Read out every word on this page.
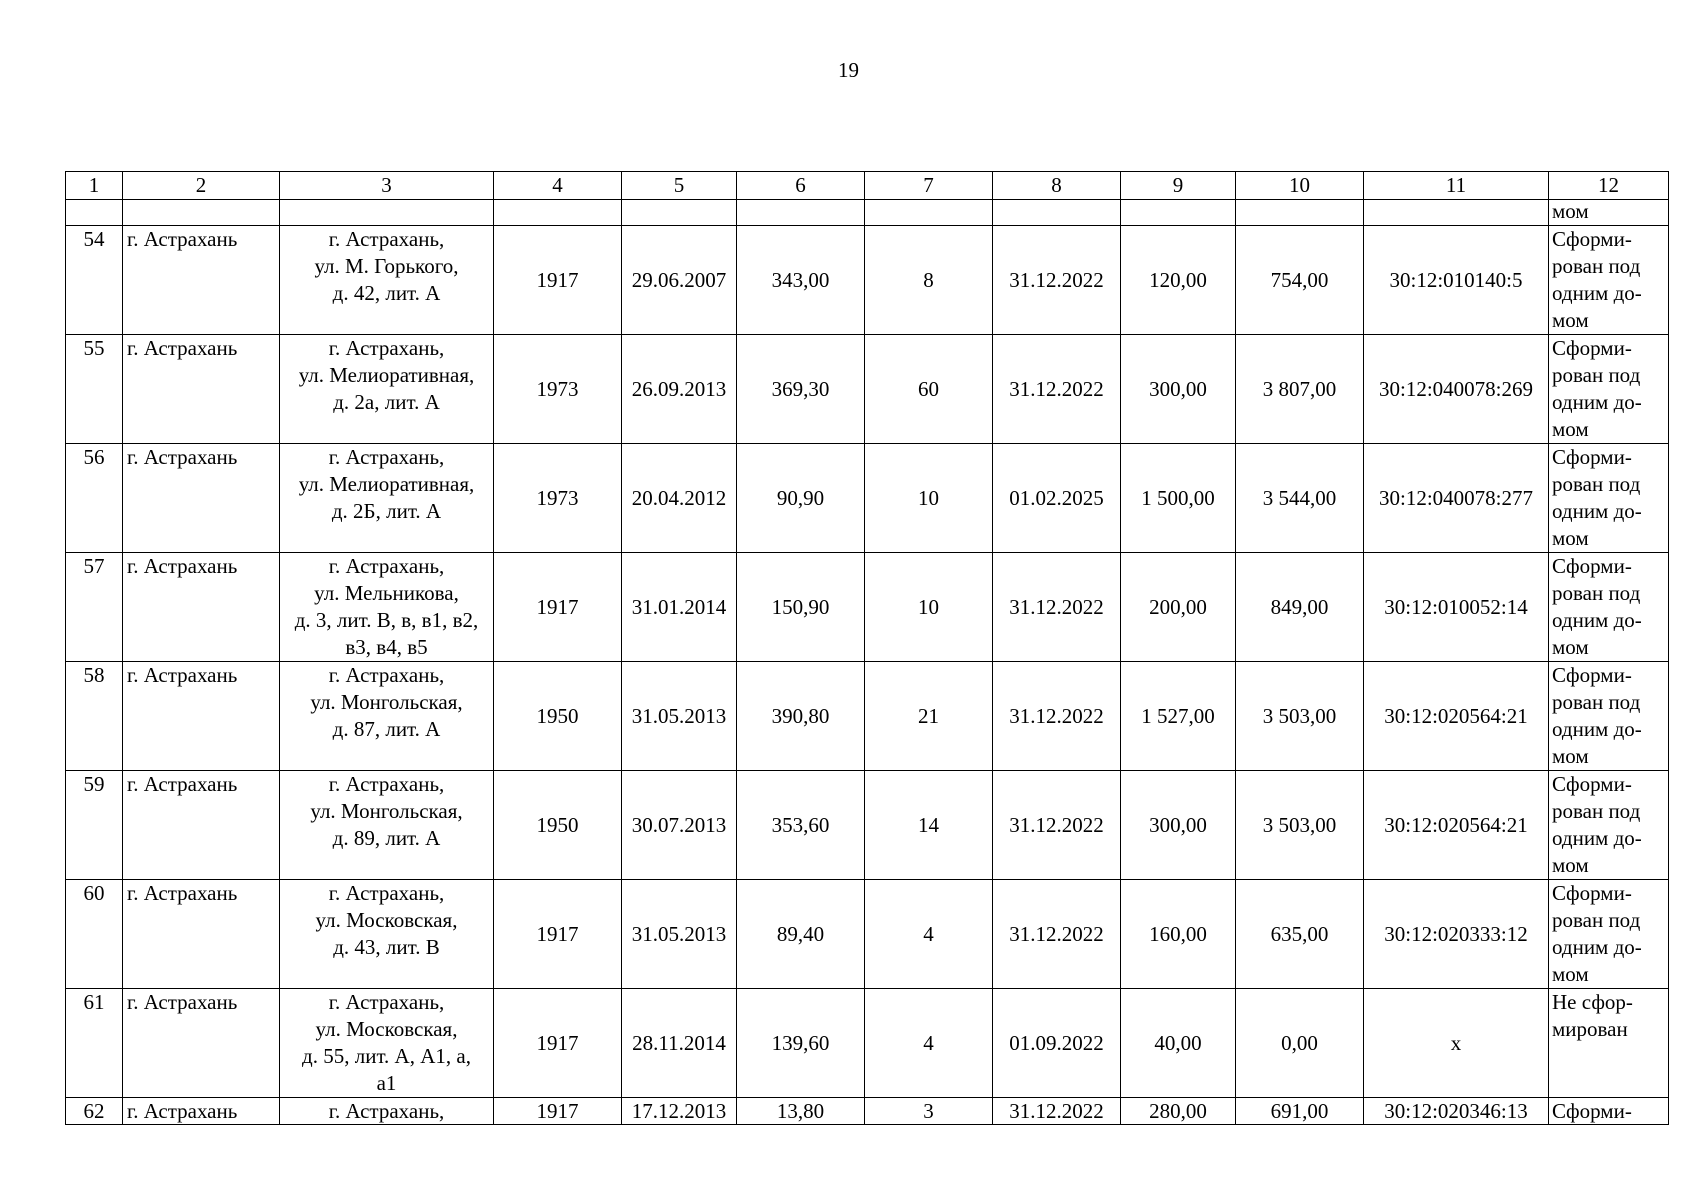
19
1	2	3	4	5	6	7	8	9	10	11	12
											мом
54	г. Астрахань	г. Астрахань,
ул. М. Горького,
д. 42, лит. А	1917	29.06.2007	343,00	8	31.12.2022	120,00	754,00	30:12:010140:5	Сформи-
рован под
одним до-
мом
55	г. Астрахань	г. Астрахань,
ул. Мелиоративная,
д. 2а, лит. А	1973	26.09.2013	369,30	60	31.12.2022	300,00	3 807,00	30:12:040078:269	Сформи-
рован под
одним до-
мом
56	г. Астрахань	г. Астрахань,
ул. Мелиоративная,
д. 2Б, лит. А	1973	20.04.2012	90,90	10	01.02.2025	1 500,00	3 544,00	30:12:040078:277	Сформи-
рован под
одним до-
мом
57	г. Астрахань	г. Астрахань,
ул. Мельникова,
д. 3, лит. В, в, в1, в2,
в3, в4, в5	1917	31.01.2014	150,90	10	31.12.2022	200,00	849,00	30:12:010052:14	Сформи-
рован под
одним до-
мом
58	г. Астрахань	г. Астрахань,
ул. Монгольская,
д. 87, лит. А	1950	31.05.2013	390,80	21	31.12.2022	1 527,00	3 503,00	30:12:020564:21	Сформи-
рован под
одним до-
мом
59	г. Астрахань	г. Астрахань,
ул. Монгольская,
д. 89, лит. А	1950	30.07.2013	353,60	14	31.12.2022	300,00	3 503,00	30:12:020564:21	Сформи-
рован под
одним до-
мом
60	г. Астрахань	г. Астрахань,
ул. Московская,
д. 43, лит. В	1917	31.05.2013	89,40	4	31.12.2022	160,00	635,00	30:12:020333:12	Сформи-
рован под
одним до-
мом
61	г. Астрахань	г. Астрахань,
ул. Московская,
д. 55, лит. А, А1, а,
а1	1917	28.11.2014	139,60	4	01.09.2022	40,00	0,00	х	Не сфор-
мирован
62	г. Астрахань	г. Астрахань,	1917	17.12.2013	13,80	3	31.12.2022	280,00	691,00	30:12:020346:13	Сформи-
